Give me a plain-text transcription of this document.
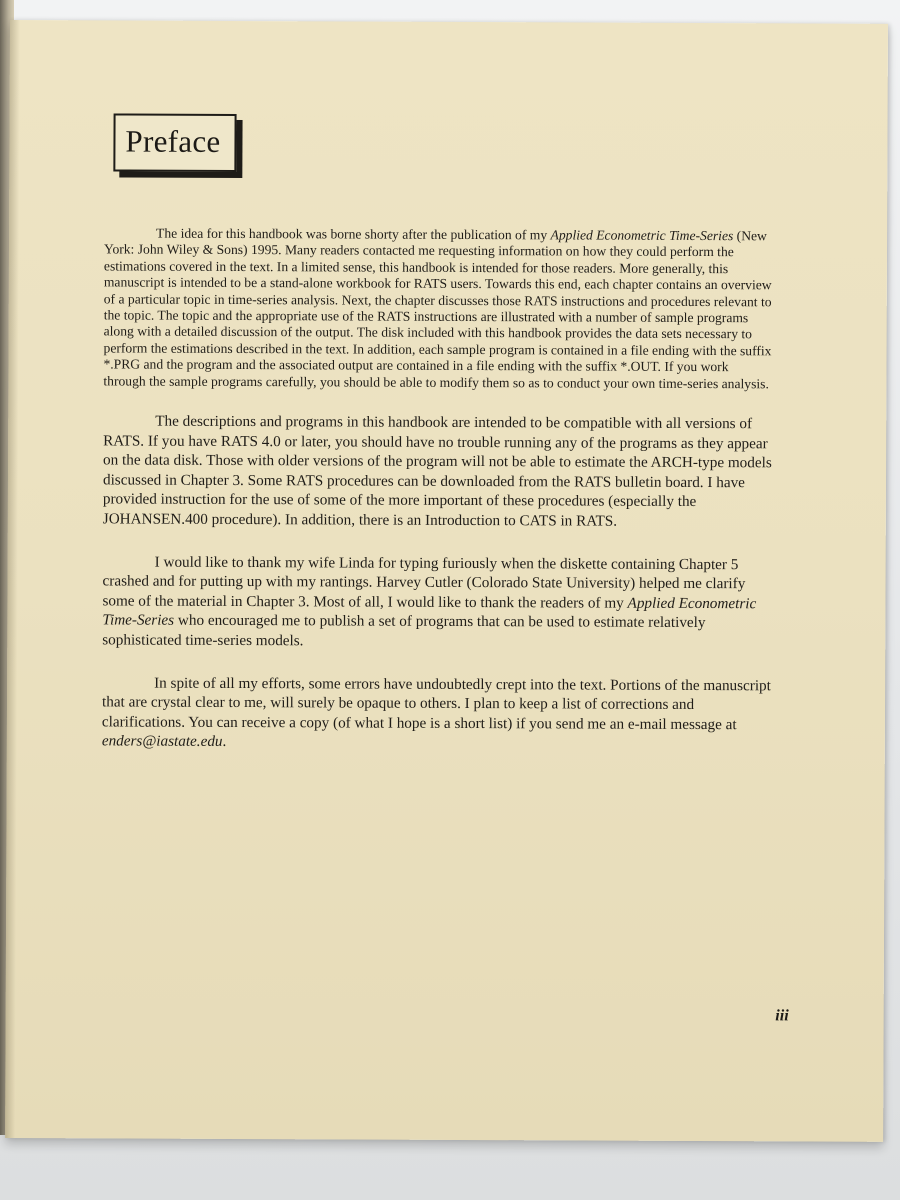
Preface

The idea for this handbook was borne shorty after the publication of my Applied Econometric Time-Series (New York: John Wiley & Sons) 1995. Many readers contacted me requesting information on how they could perform the estimations covered in the text. In a limited sense, this handbook is intended for those readers. More generally, this manuscript is intended to be a stand-alone workbook for RATS users. Towards this end, each chapter contains an overview of a particular topic in time-series analysis. Next, the chapter discusses those RATS instructions and procedures relevant to the topic. The topic and the appropriate use of the RATS instructions are illustrated with a number of sample programs along with a detailed discussion of the output. The disk included with this handbook provides the data sets necessary to perform the estimations described in the text. In addition, each sample program is contained in a file ending with the suffix *.PRG and the program and the associated output are contained in a file ending with the suffix *.OUT. If you work through the sample programs carefully, you should be able to modify them so as to conduct your own time-series analysis.

The descriptions and programs in this handbook are intended to be compatible with all versions of RATS. If you have RATS 4.0 or later, you should have no trouble running any of the programs as they appear on the data disk. Those with older versions of the program will not be able to estimate the ARCH-type models discussed in Chapter 3. Some RATS procedures can be downloaded from the RATS bulletin board. I have provided instruction for the use of some of the more important of these procedures (especially the JOHANSEN.400 procedure). In addition, there is an Introduction to CATS in RATS.

I would like to thank my wife Linda for typing furiously when the diskette containing Chapter 5 crashed and for putting up with my rantings. Harvey Cutler (Colorado State University) helped me clarify some of the material in Chapter 3. Most of all, I would like to thank the readers of my Applied Econometric Time-Series who encouraged me to publish a set of programs that can be used to estimate relatively sophisticated time-series models.

In spite of all my efforts, some errors have undoubtedly crept into the text. Portions of the manuscript that are crystal clear to me, will surely be opaque to others. I plan to keep a list of corrections and clarifications. You can receive a copy (of what I hope is a short list) if you send me an e-mail message at enders@iastate.edu.

iii
